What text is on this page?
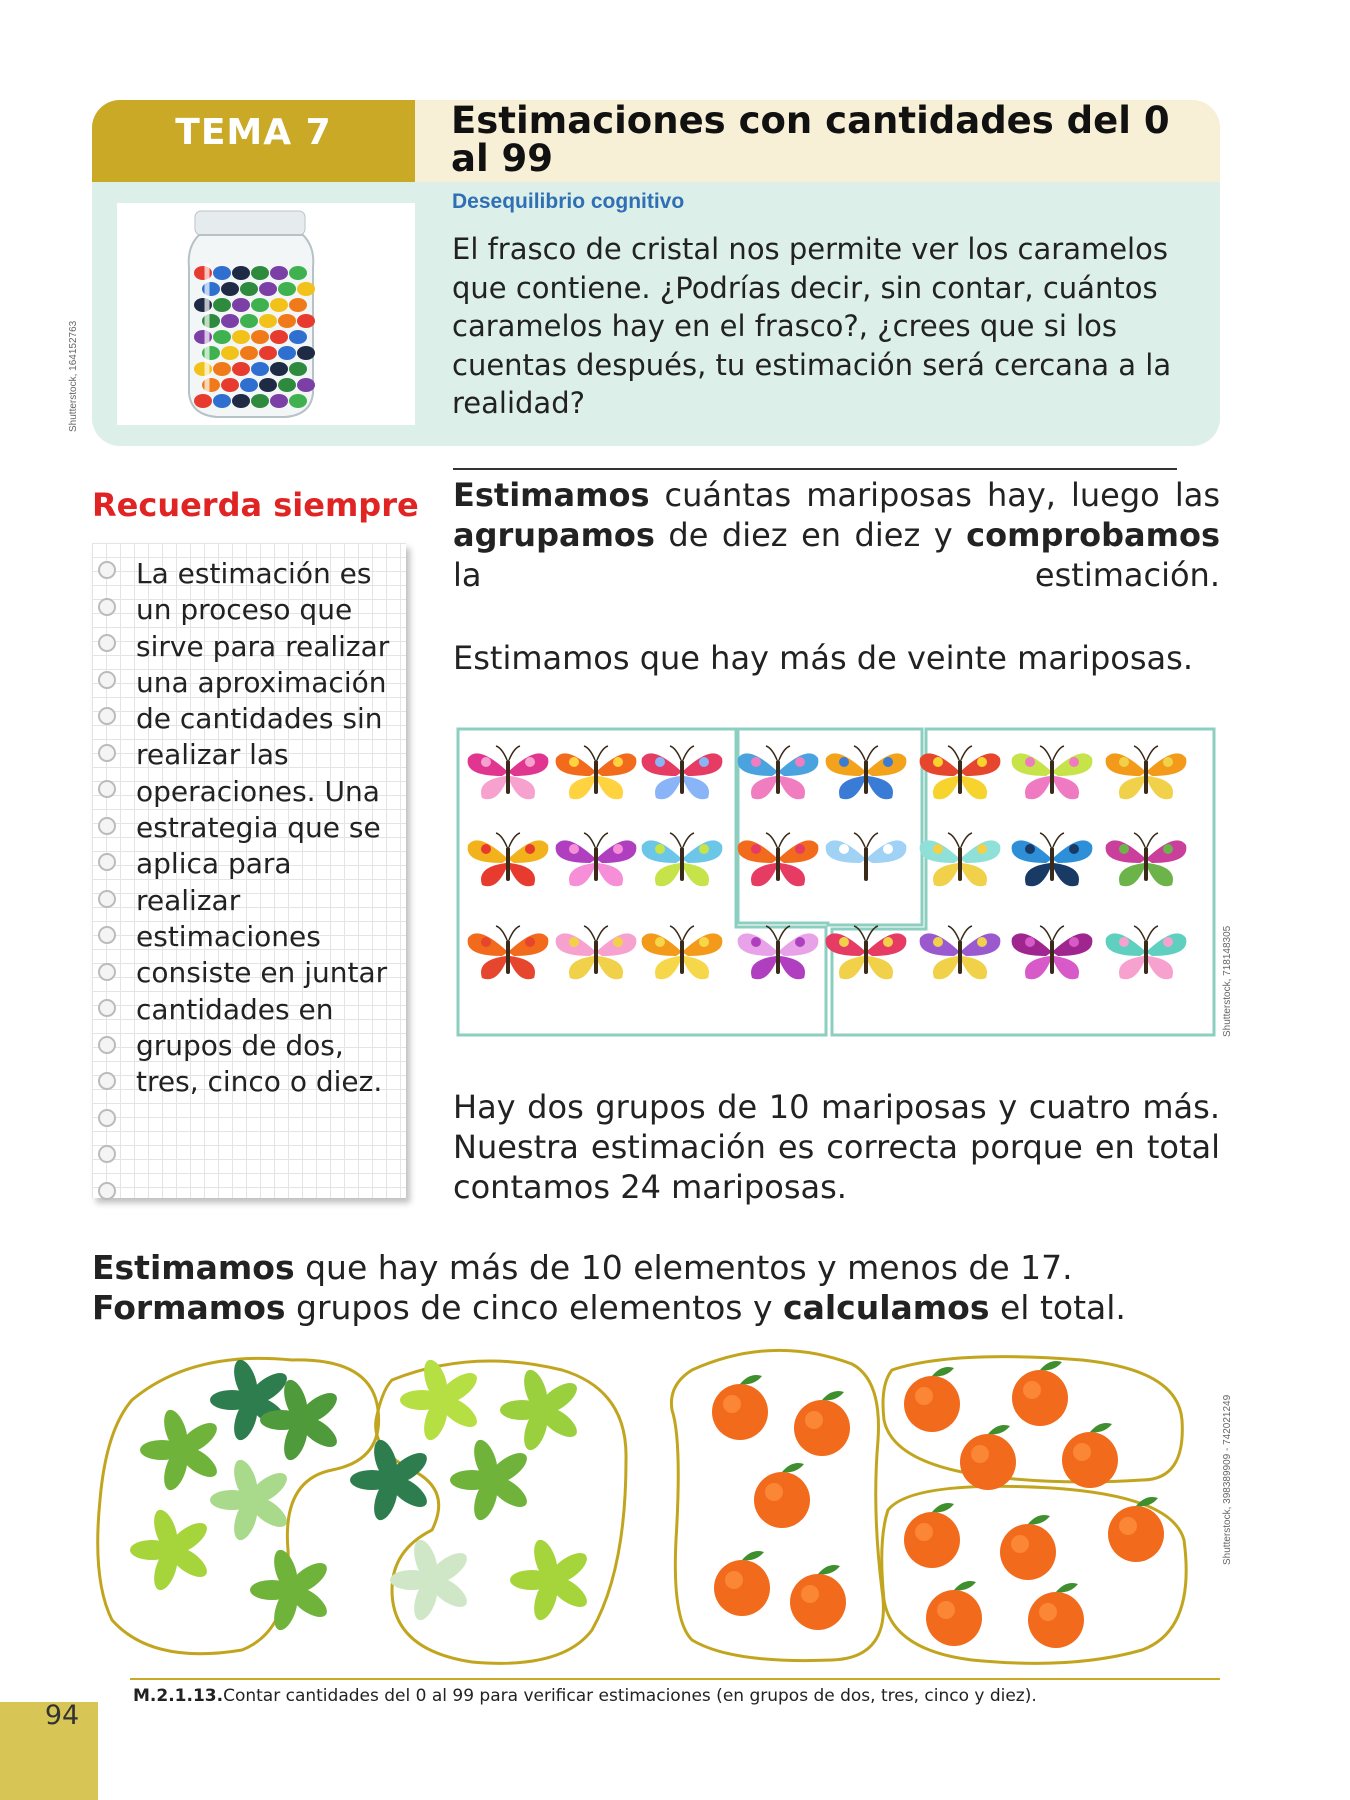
TEMA 7	Estimaciones con cantidades del 0 al 99
Desequilibrio cognitivo
El frasco de cristal nos permite ver los caramelos que contiene. ¿Podrías decir, sin contar, cuántos caramelos hay en el frasco?, ¿crees que si los cuentas después, tu estimación será cercana a la realidad?
Shutterstock, 164152763
Recuerda siempre
La estimación es un proceso que sirve para realizar una aproximación de cantidades sin realizar las operaciones. Una estrategia que se aplica para realizar estimaciones consiste en juntar cantidades en grupos de dos, tres, cinco o diez.
Estimamos cuántas mariposas hay, luego las agrupamos de diez en diez y comprobamos la estimación.
Estimamos que hay más de veinte mariposas.
Shutterstock, 718148305
Hay dos grupos de 10 mariposas y cuatro más. Nuestra estimación es correcta porque en total contamos 24 mariposas.
Estimamos que hay más de 10 elementos y menos de 17.
Formamos grupos de cinco elementos y calculamos el total.
Shutterstock, 398389909 - 742021249
M.2.1.13.Contar cantidades del 0 al 99 para verificar estimaciones (en grupos de dos, tres, cinco y diez).
94
